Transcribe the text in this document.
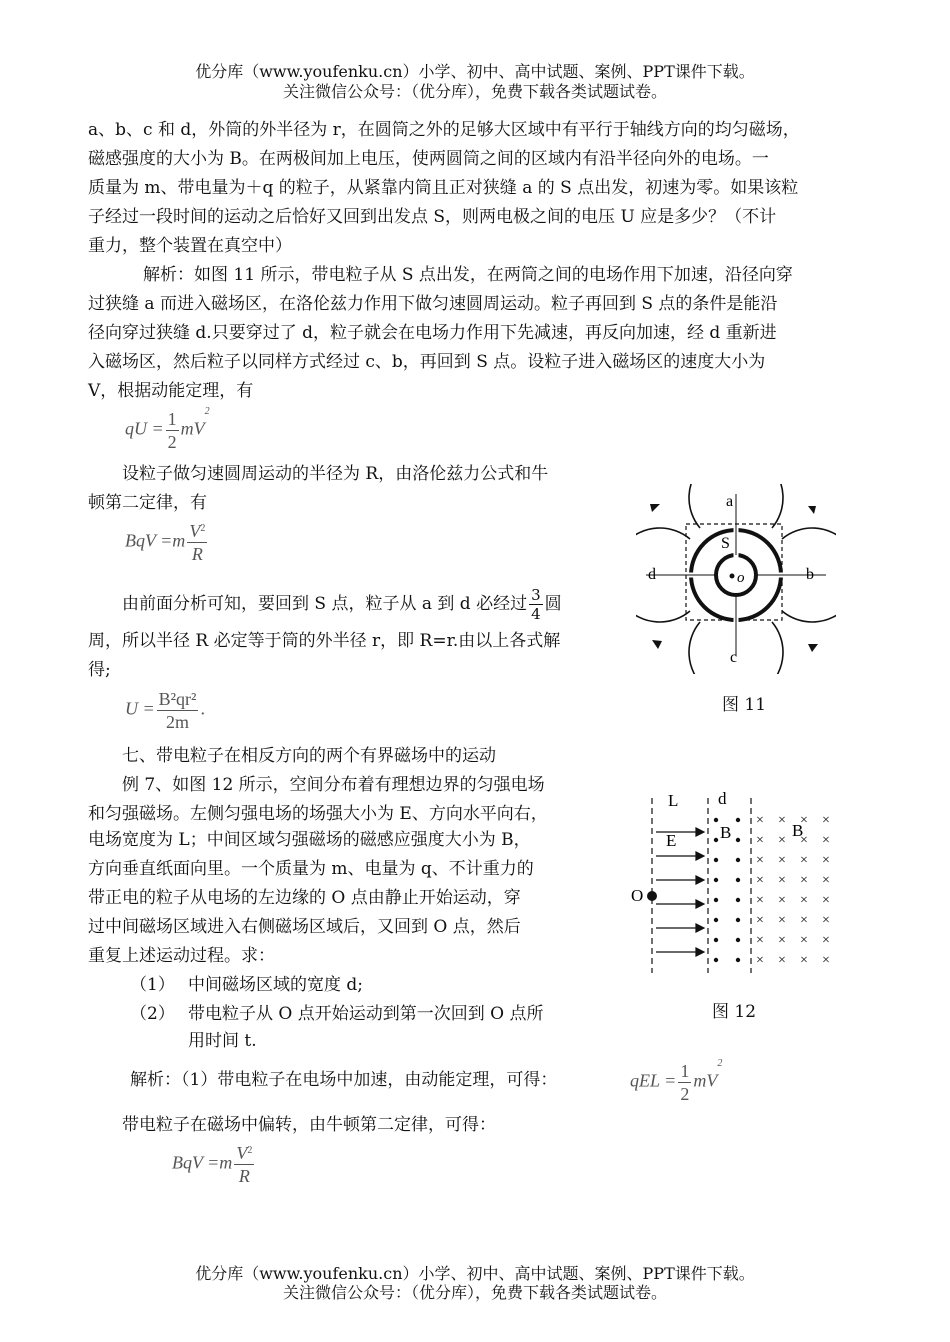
优分库（www.youfenku.cn）小学、初中、高中试题、案例、PPT课件下载。
关注微信公众号：（优分库），免费下载各类试题试卷。

a、b、c 和 d，外筒的外半径为 r，在圆筒之外的足够大区域中有平行于轴线方向的均匀磁场，

磁感强度的大小为 B。在两极间加上电压，使两圆筒之间的区域内有沿半径向外的电场。一

质量为 m、带电量为＋q 的粒子，从紧靠内筒且正对狭缝 a 的 S 点出发，初速为零。如果该粒

子经过一段时间的运动之后恰好又回到出发点 S，则两电极之间的电压 U 应是多少？（不计

重力，整个装置在真空中）

解析：如图 11 所示，带电粒子从 S 点出发，在两筒之间的电场作用下加速，沿径向穿

过狭缝 a 而进入磁场区，在洛伦兹力作用下做匀速圆周运动。粒子再回到 S 点的条件是能沿

径向穿过狭缝 d.只要穿过了 d，粒子就会在电场力作用下先减速，再反向加速，经 d 重新进

入磁场区，然后粒子以同样方式经过 c、b，再回到 S 点。设粒子进入磁场区的速度大小为

V，根据动能定理，有

qU = $\frac{1}{2} mV^2$

设粒子做匀速圆周运动的半径为 R，由洛伦兹力公式和牛

顿第二定律，有

BqV $=m \frac{V^2}{R}$

由前面分析可知，要回到 S 点，粒子从 a 到 d 必经过 $\frac{3}{4}$ 圆

周，所以半径 R 必定等于筒的外半径 r，即 R=r.由以上各式解

得;

$U = \frac{\text{B²qr²}}{2m}$ .
o
S
a
b
c
d
图 11

七、带电粒子在相反方向的两个有界磁场中的运动

例 7、如图 12 所示，空间分布着有理想边界的匀强电场

和匀强磁场。左侧匀强电场的场强大小为 E、方向水平向右，

电场宽度为 L；中间区域匀强磁场的磁感应强度大小为 B，

方向垂直纸面向里。一个质量为 m、电量为 q、不计重力的

带正电的粒子从电场的左边缘的 O 点由静止开始运动，穿

过中间磁场区域进入右侧磁场区域后，又回到 O 点，然后

重复上述运动过程。求：

（1） 中间磁场区域的宽度 d;

（2） 带电粒子从 O 点开始运动到第一次回到 O 点所

用时间 t.

解析：（1）带电粒子在电场中加速，由动能定理，可得：	qEL = $\frac{1}{2} mV^2$

带电粒子在磁场中偏转，由牛顿第二定律，可得：

BqV $=m \frac{V^2}{R}$
× × × ×
× × × ×
× × × ×
× × × ×
× × × ×
× × × ×
× × × ×
× × × ×
O
L d
E	B	B
图 12
优分库（www.youfenku.cn）小学、初中、高中试题、案例、PPT课件下载。
关注微信公众号：（优分库），免费下载各类试题试卷。
